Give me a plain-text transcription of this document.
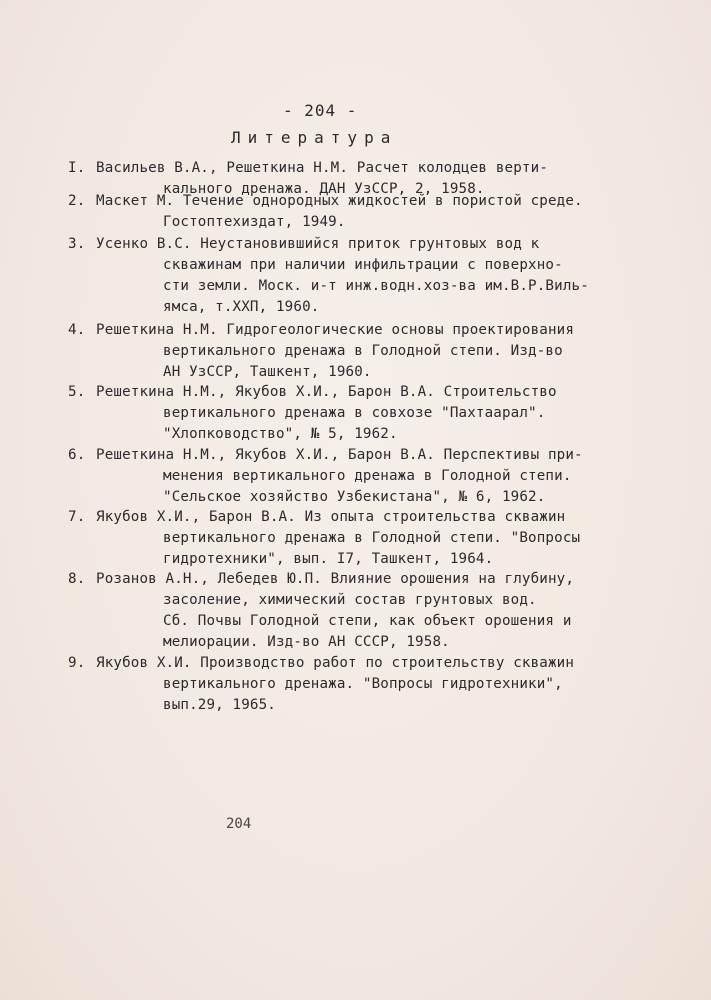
- 204 -
Литература
I. Васильев В.А., Решеткина Н.М. Расчет колодцев верти-
кального дренажа. ДАН УзССР, 2, 1958.
2. Маскет М. Течение однородных жидкостей в пористой среде.
Гостоптехиздат, 1949.
3. Усенко В.С. Неустановившийся приток грунтовых вод к
скважинам при наличии инфильтрации с поверхно-
сти земли. Моск. и-т инж.водн.хоз-ва им.В.Р.Виль-
ямса, т.XXП, 1960.
4. Решеткина Н.М. Гидрогеологические основы проектирования
вертикального дренажа в Голодной степи. Изд-во
АН УзССР, Ташкент, 1960.
5. Решеткина Н.М., Якубов Х.И., Барон В.А. Строительство
вертикального дренажа в совхозе "Пахтаарал".
"Хлопководство", № 5, 1962.
6. Решеткина Н.М., Якубов Х.И., Барон В.А. Перспективы при-
менения вертикального дренажа в Голодной степи.
"Сельское хозяйство Узбекистана", № 6, 1962.
7. Якубов Х.И., Барон В.А. Из опыта строительства скважин
вертикального дренажа в Голодной степи. "Вопросы
гидротехники", вып. I7, Ташкент, 1964.
8. Розанов А.Н., Лебедев Ю.П. Влияние орошения на глубину,
засоление, химический состав грунтовых вод.
Сб. Почвы Голодной степи, как объект орошения и
мелиорации. Изд-во АН СССР, 1958.
9. Якубов Х.И. Производство работ по строительству скважин
вертикального дренажа. "Вопросы гидротехники",
вып.29, 1965.
204
